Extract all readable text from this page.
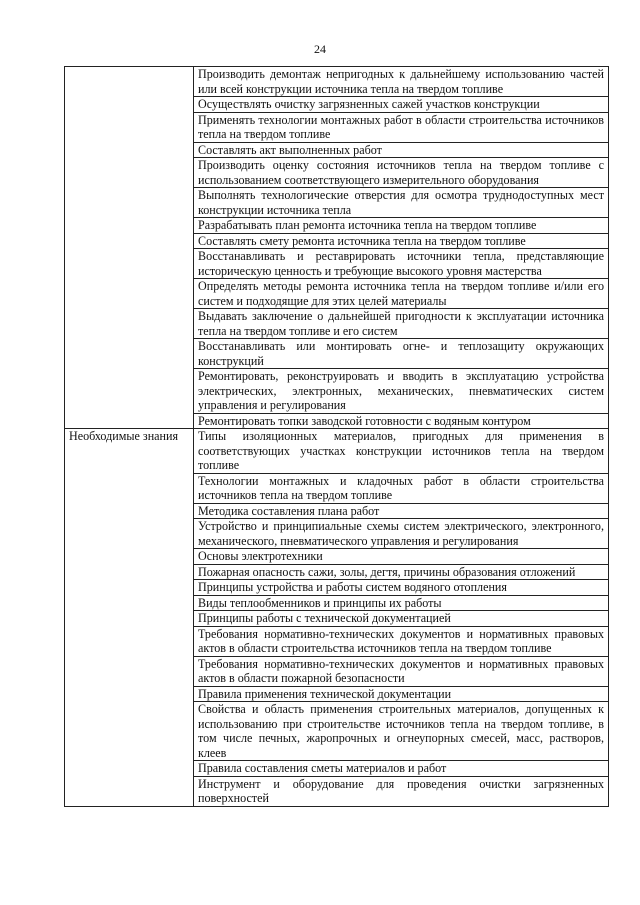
24
	Производить демонтаж непригодных к дальнейшему использованию частей или всей конструкции источника тепла на твердом топливе
	Осуществлять очистку загрязненных сажей участков конструкции
	Применять технологии монтажных работ в области строительства источников тепла на твердом топливе
	Составлять акт выполненных работ
	Производить оценку состояния источников тепла на твердом топливе с использованием соответствующего измерительного оборудования
	Выполнять технологические отверстия для осмотра труднодоступных мест конструкции источника тепла
	Разрабатывать план ремонта источника тепла на твердом топливе
	Составлять смету ремонта источника тепла на твердом топливе
	Восстанавливать и реставрировать источники тепла, представляющие историческую ценность и требующие высокого уровня мастерства
	Определять методы ремонта источника тепла на твердом топливе и/или его систем и подходящие для этих целей материалы
	Выдавать заключение о дальнейшей пригодности к эксплуатации источника тепла на твердом топливе и его систем
	Восстанавливать или монтировать огне- и теплозащиту окружающих конструкций
	Ремонтировать, реконструировать и вводить в эксплуатацию устройства электрических, электронных, механических, пневматических систем управления и регулирования
	Ремонтировать топки заводской готовности с водяным контуром
Необходимые знания	Типы изоляционных материалов, пригодных для применения в соответствующих участках конструкции источников тепла на твердом топливе
	Технологии монтажных и кладочных работ в области строительства источников тепла на твердом топливе
	Методика составления плана работ
	Устройство и принципиальные схемы систем электрического, электронного, механического, пневматического управления и регулирования
	Основы электротехники
	Пожарная опасность сажи, золы, дегтя, причины образования отложений
	Принципы устройства и работы систем водяного отопления
	Виды теплообменников и принципы их работы
	Принципы работы с технической документацией
	Требования нормативно-технических документов и нормативных правовых актов в области строительства источников тепла на твердом топливе
	Требования нормативно-технических документов и нормативных правовых актов в области пожарной безопасности
	Правила применения технической документации
	Свойства и область применения строительных материалов, допущенных к использованию при строительстве источников тепла на твердом топливе, в том числе печных, жаропрочных и огнеупорных смесей, масс, растворов, клеев
	Правила составления сметы материалов и работ
	Инструмент и оборудование для проведения очистки загрязненных поверхностей
